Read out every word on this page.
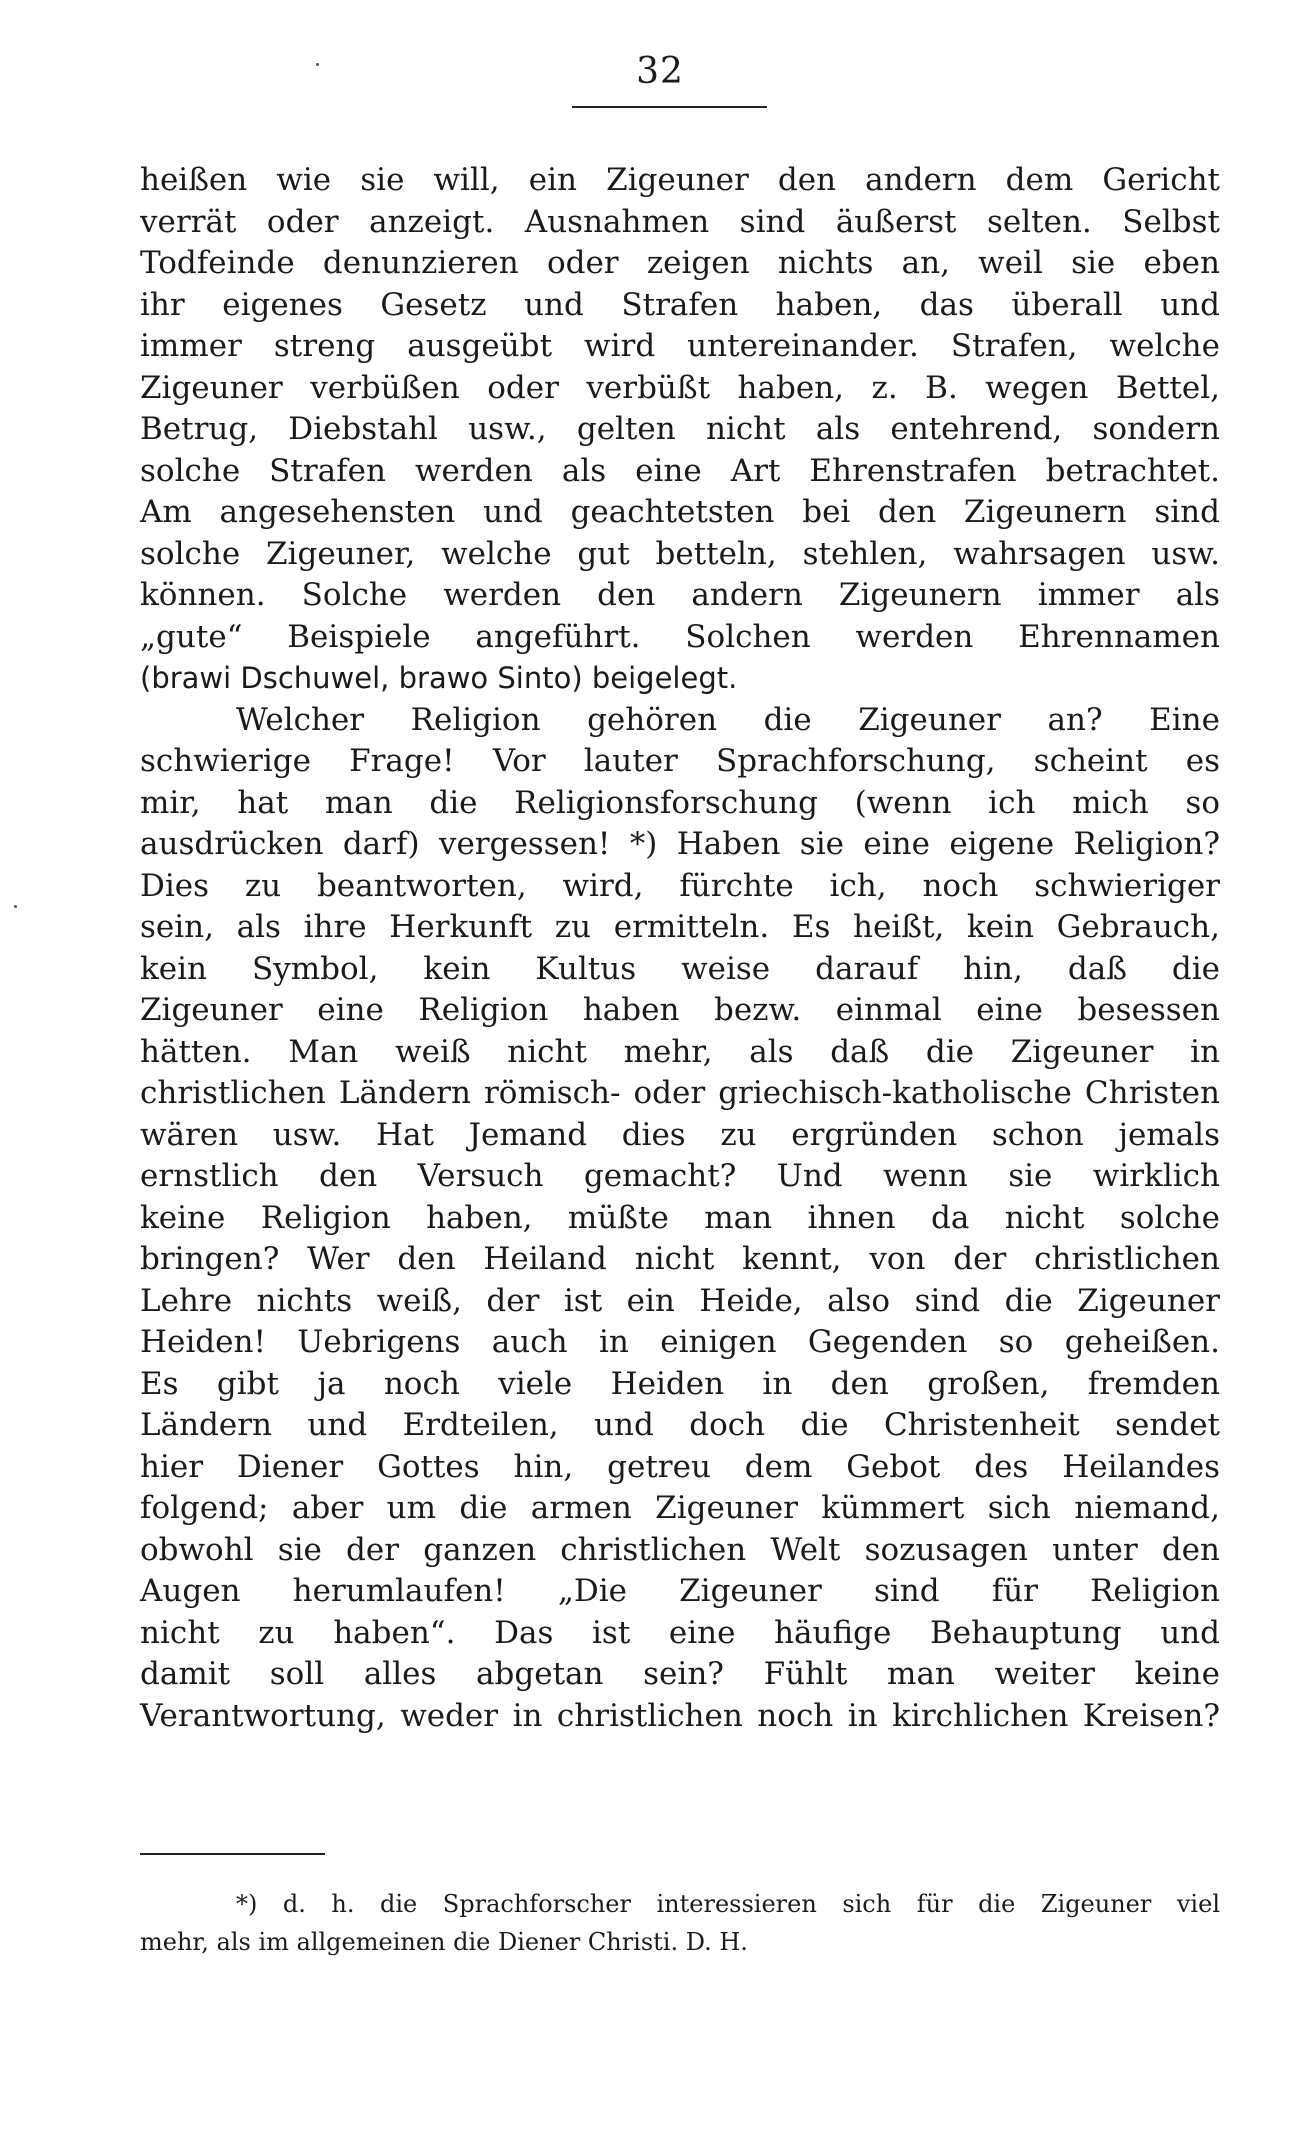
32
heißen wie sie will, ein Zigeuner den andern dem Gericht
verrät oder anzeigt. Ausnahmen sind äußerst selten. Selbst
Todfeinde denunzieren oder zeigen nichts an, weil sie eben
ihr eigenes Gesetz und Strafen haben, das überall und
immer streng ausgeübt wird untereinander. Strafen, welche
Zigeuner verbüßen oder verbüßt haben, z. B. wegen Bettel,
Betrug, Diebstahl usw., gelten nicht als entehrend, sondern
solche Strafen werden als eine Art Ehrenstrafen betrachtet.
Am angesehensten und geachtetsten bei den Zigeunern sind
solche Zigeuner, welche gut betteln, stehlen, wahrsagen usw.
können. Solche werden den andern Zigeunern immer als
„gute“ Beispiele angeführt. Solchen werden Ehrennamen
(brawi Dschuwel, brawo Sinto) beigelegt.
Welcher Religion gehören die Zigeuner an? Eine
schwierige Frage! Vor lauter Sprachforschung, scheint es
mir, hat man die Religionsforschung (wenn ich mich so
ausdrücken darf) vergessen! *) Haben sie eine eigene Religion?
Dies zu beantworten, wird, fürchte ich, noch schwieriger
sein, als ihre Herkunft zu ermitteln. Es heißt, kein Gebrauch,
kein Symbol, kein Kultus weise darauf hin, daß die
Zigeuner eine Religion haben bezw. einmal eine besessen
hätten. Man weiß nicht mehr, als daß die Zigeuner in
christlichen Ländern römisch- oder griechisch-katholische Christen
wären usw. Hat Jemand dies zu ergründen schon jemals
ernstlich den Versuch gemacht? Und wenn sie wirklich
keine Religion haben, müßte man ihnen da nicht solche
bringen? Wer den Heiland nicht kennt, von der christlichen
Lehre nichts weiß, der ist ein Heide, also sind die Zigeuner
Heiden! Uebrigens auch in einigen Gegenden so geheißen.
Es gibt ja noch viele Heiden in den großen, fremden
Ländern und Erdteilen, und doch die Christenheit sendet
hier Diener Gottes hin, getreu dem Gebot des Heilandes
folgend; aber um die armen Zigeuner kümmert sich niemand,
obwohl sie der ganzen christlichen Welt sozusagen unter den
Augen herumlaufen! „Die Zigeuner sind für Religion
nicht zu haben“. Das ist eine häufige Behauptung und
damit soll alles abgetan sein? Fühlt man weiter keine
Verantwortung, weder in christlichen noch in kirchlichen Kreisen?
*) d. h. die Sprachforscher interessieren sich für die Zigeuner viel
mehr, als im allgemeinen die Diener Christi. D. H.
